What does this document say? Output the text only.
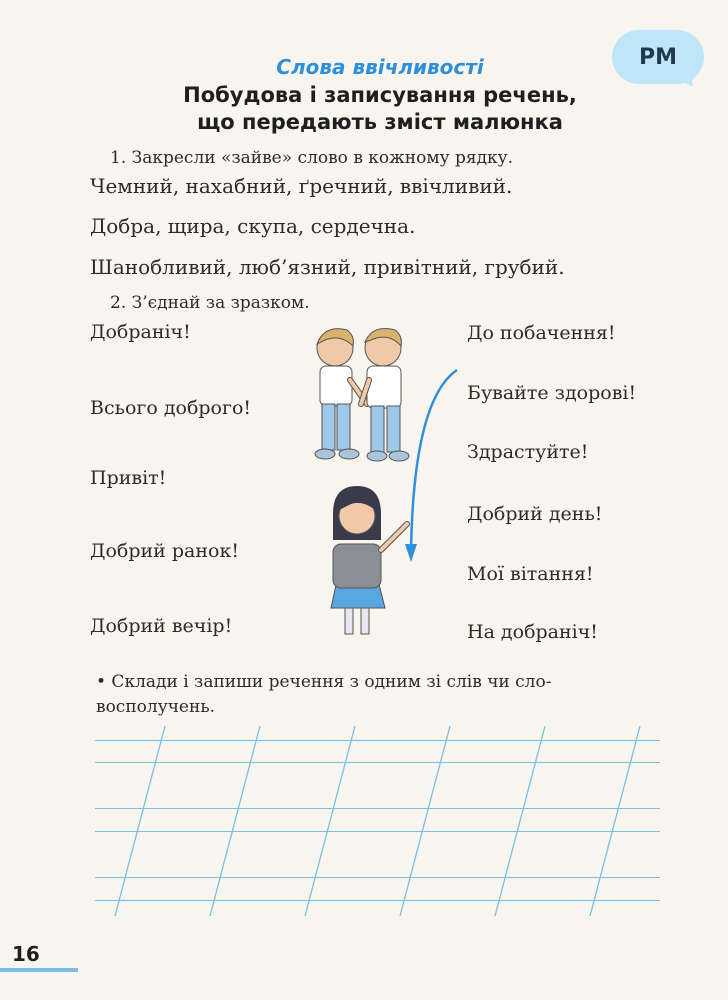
РМ
Слова ввічливості
Побудова і записування речень,
що передають зміст малюнка
1. Закресли «зайве» слово в кожному рядку.
Чемний, нахабний, ґречний, ввічливий.
Добра, щира, скупа, сердечна.
Шанобливий, люб’язний, привітний, грубий.
2. З’єднай за зразком.
Добраніч!
Всього доброго!
Привіт!
Добрий ранок!
Добрий вечір!
До побачення!
Бувайте здорові!
Здрастуйте!
Добрий день!
Мої вітання!
На добраніч!
• Склади і запиши речення з одним зі слів чи сло-
восполучень.
16
